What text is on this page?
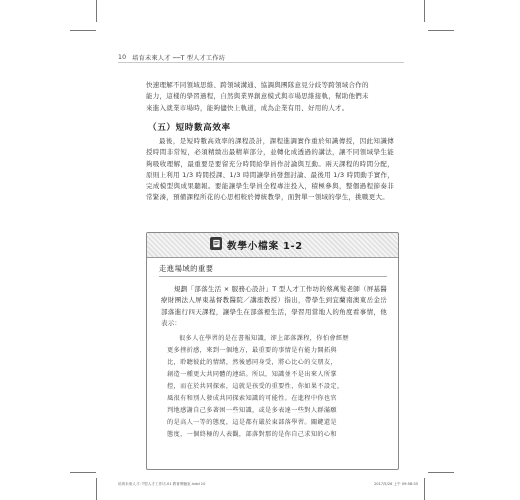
10 培育未來人才 ──T 型人才工作坊

快速理解不同領域思維、跨領域溝通、協調與團隊意見分歧等跨領域合作的

能力，這樣的學習過程，自然與業界創意模式與市場思維接軌，幫助他們未

來進入就業市場時，能夠儘快上軌道，成為企業有用、好用的人才。

（五）短時數高效率

最後，是短時數高效率的課程設計，課程進調實作重於知識傳授，因此知識傳授時間非常短，必須精緻出最精華部分，並轉化成透過的講法，讓不同領域學生能夠吸收理解，最重要是要留充分時間給學員作討論與互動。兩天課程的時間分配，原則上利用 1/3 時間授課、1/3 時間讓學員發想討論、最後用 1/3 時間動手實作，完成模型與成果聽報。要能讓學生學員全程專注投入，積極參與，整個過程節奏非常緊湊，預備課程所花的心思相較於傳統教學，面對單一領域的學生，挑戰更大。

教學小檔案 1-2
走進場域的重要

規劃「部落生活 × 服務心設計」T 型人才工作坊的蔡萬髮老師（屏基醫療財團法人屏東基督教醫院／講座教授）指出，帶學生到宜蘭南澳東岳金岳部落進行四天課程，讓學生在部落裡生活，學習用當地人的角度看事情，他表示：

很多人在學習的是在書報知識，卻上部落課程，你怕會經歷
更多挫折感，來到一個地方，最重要的事情是有能力開拓與
比，聆聽彼此的情緒，然後感同身受，將心比心的交朋友，
創造一種更大共同體的連結。所以，知識並不是出來人所掌
控，而在於共同探索，這就是孩受的重要性，你如果不設定，
風很有和別人發成共同探索知識的可能性。在進程中你也官
判地感謝自己多著困一些知識，或是多表達一些對人群滿願
的是高人一等的態度，這是都有嚴於東部落學習。關鍵還是
態度，一個終極的人表觀，部落對那的是你自己求知的心和
培育未來人才: T型人才工作坊-01 教育實驗室.indd 10	2017/5/26 上午 09:58:35
